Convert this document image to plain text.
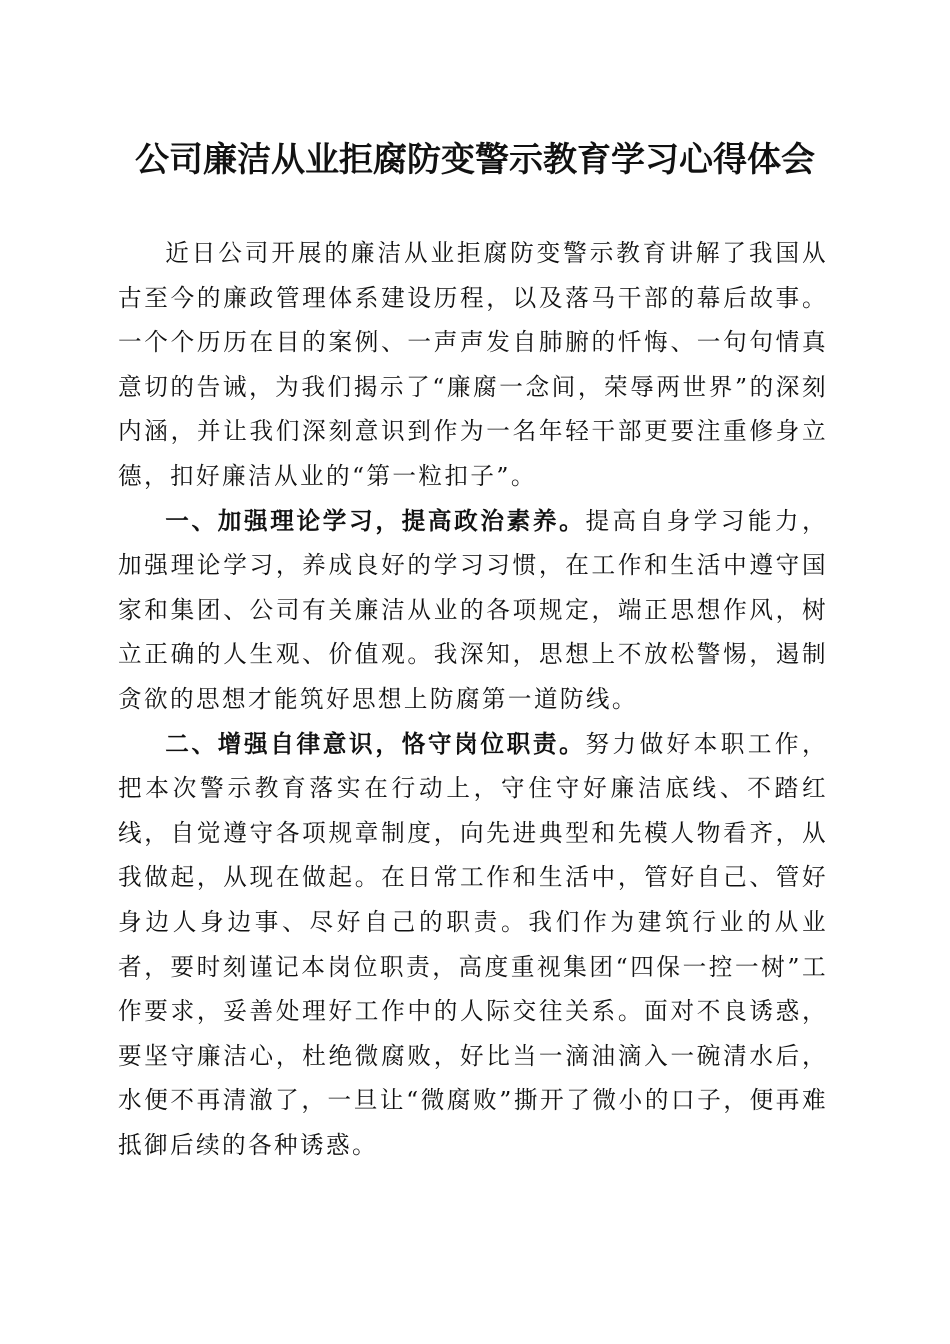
公司廉洁从业拒腐防变警示教育学习心得体会

近日公司开展的廉洁从业拒腐防变警示教育讲解了我国从古至今的廉政管理体系建设历程，以及落马干部的幕后故事。一个个历历在目的案例、一声声发自肺腑的忏悔、一句句情真意切的告诫，为我们揭示了“廉腐一念间，荣辱两世界”的深刻内涵，并让我们深刻意识到作为一名年轻干部更要注重修身立德，扣好廉洁从业的“第一粒扣子”。

一、加强理论学习，提高政治素养。提高自身学习能力，加强理论学习，养成良好的学习习惯，在工作和生活中遵守国家和集团、公司有关廉洁从业的各项规定，端正思想作风，树立正确的人生观、价值观。我深知，思想上不放松警惕，遏制贪欲的思想才能筑好思想上防腐第一道防线。

二、增强自律意识，恪守岗位职责。努力做好本职工作，把本次警示教育落实在行动上，守住守好廉洁底线、不踏红线，自觉遵守各项规章制度，向先进典型和先模人物看齐，从我做起，从现在做起。在日常工作和生活中，管好自己、管好身边人身边事、尽好自己的职责。我们作为建筑行业的从业者，要时刻谨记本岗位职责，高度重视集团“四保一控一树”工作要求，妥善处理好工作中的人际交往关系。面对不良诱惑，要坚守廉洁心，杜绝微腐败，好比当一滴油滴入一碗清水后，水便不再清澈了，一旦让“微腐败”撕开了微小的口子，便再难抵御后续的各种诱惑。
